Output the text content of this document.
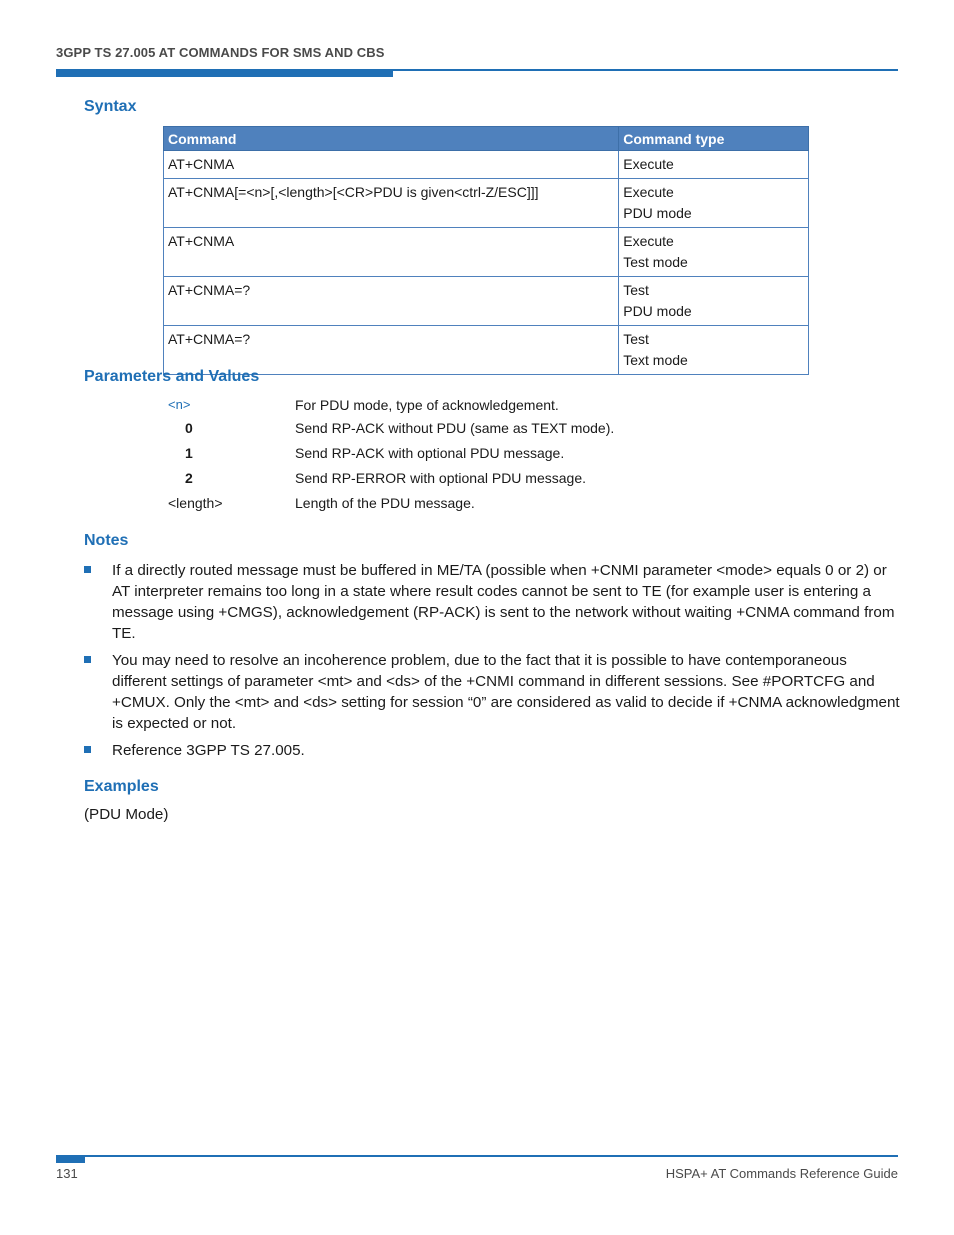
3GPP TS 27.005 AT COMMANDS FOR SMS AND CBS
Syntax
Command	Command type
AT+CNMA	Execute

AT+CNMA[=<n>[,<length>[<CR>PDU is given<ctrl-Z/ESC]]]	Execute
PDU mode

AT+CNMA	Execute
Test mode

AT+CNMA=?	Test
PDU mode

AT+CNMA=?	Test
Text mode
Parameters and Values
<n>	For PDU mode, type of acknowledgement.
0	Send RP-ACK without PDU (same as TEXT mode).
1	Send RP-ACK with optional PDU message.
2	Send RP-ERROR with optional PDU message.
<length>	Length of the PDU message.
Notes
If a directly routed message must be buffered in ME/TA (possible when +CNMI parameter <mode> equals 0 or 2) or AT interpreter remains too long in a state where result codes cannot be sent to TE (for example user is entering a message using +CMGS), acknowledgement (RP-ACK) is sent to the network without waiting +CNMA command from TE.
You may need to resolve an incoherence problem, due to the fact that it is possible to have contemporaneous different settings of parameter <mt> and <ds> of the +CNMI command in different sessions. See #PORTCFG and +CMUX. Only the <mt> and <ds> setting for session “0” are considered as valid to decide if +CNMA acknowledgment is expected or not.
Reference 3GPP TS 27.005.
Examples
(PDU Mode)
131	HSPA+ AT Commands Reference Guide
